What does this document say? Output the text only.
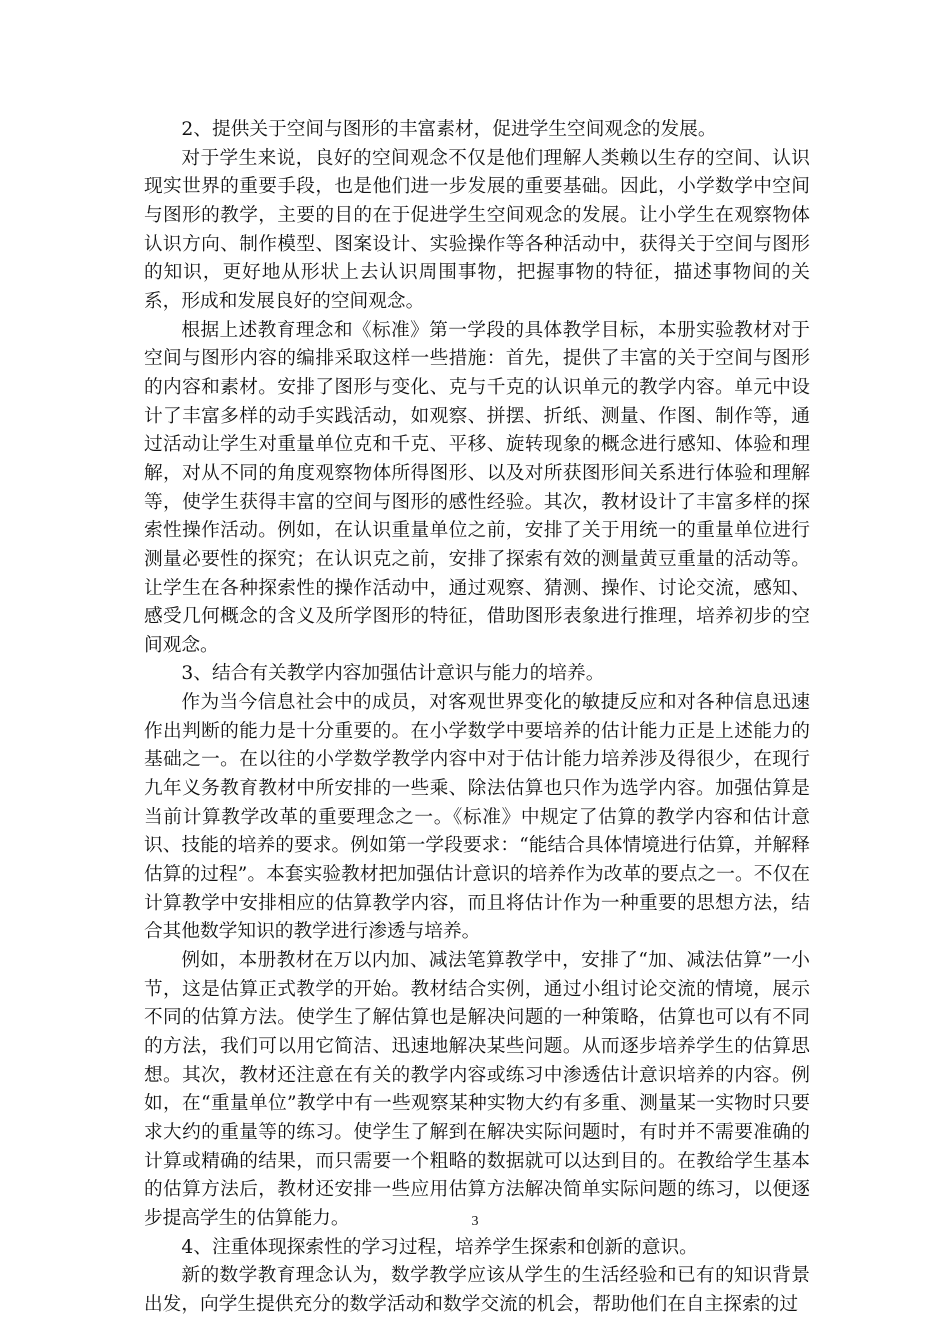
2、提供关于空间与图形的丰富素材，促进学生空间观念的发展。

对于学生来说，良好的空间观念不仅是他们理解人类赖以生存的空间、认识现实世界的重要手段，也是他们进一步发展的重要基础。因此，小学数学中空间与图形的教学，主要的目的在于促进学生空间观念的发展。让小学生在观察物体认识方向、制作模型、图案设计、实验操作等各种活动中，获得关于空间与图形的知识，更好地从形状上去认识周围事物，把握事物的特征，描述事物间的关系，形成和发展良好的空间观念。

根据上述教育理念和《标准》第一学段的具体教学目标，本册实验教材对于空间与图形内容的编排采取这样一些措施：首先，提供了丰富的关于空间与图形的内容和素材。安排了图形与变化、克与千克的认识单元的教学内容。单元中设计了丰富多样的动手实践活动，如观察、拼摆、折纸、测量、作图、制作等，通过活动让学生对重量单位克和千克、平移、旋转现象的概念进行感知、体验和理解，对从不同的角度观察物体所得图形、以及对所获图形间关系进行体验和理解等，使学生获得丰富的空间与图形的感性经验。其次，教材设计了丰富多样的探索性操作活动。例如，在认识重量单位之前，安排了关于用统一的重量单位进行测量必要性的探究；在认识克之前，安排了探索有效的测量黄豆重量的活动等。让学生在各种探索性的操作活动中，通过观察、猜测、操作、讨论交流，感知、感受几何概念的含义及所学图形的特征，借助图形表象进行推理，培养初步的空间观念。

3、结合有关教学内容加强估计意识与能力的培养。

作为当今信息社会中的成员，对客观世界变化的敏捷反应和对各种信息迅速作出判断的能力是十分重要的。在小学数学中要培养的估计能力正是上述能力的基础之一。在以往的小学数学教学内容中对于估计能力培养涉及得很少，在现行九年义务教育教材中所安排的一些乘、除法估算也只作为选学内容。加强估算是当前计算教学改革的重要理念之一。《标准》中规定了估算的教学内容和估计意识、技能的培养的要求。例如第一学段要求：“能结合具体情境进行估算，并解释估算的过程”。本套实验教材把加强估计意识的培养作为改革的要点之一。不仅在计算教学中安排相应的估算教学内容，而且将估计作为一种重要的思想方法，结合其他数学知识的教学进行渗透与培养。

例如，本册教材在万以内加、减法笔算教学中，安排了“加、减法估算”一小节，这是估算正式教学的开始。教材结合实例，通过小组讨论交流的情境，展示不同的估算方法。使学生了解估算也是解决问题的一种策略，估算也可以有不同的方法，我们可以用它简洁、迅速地解决某些问题。从而逐步培养学生的估算思想。其次，教材还注意在有关的教学内容或练习中渗透估计意识培养的内容。例如，在“重量单位”教学中有一些观察某种实物大约有多重、测量某一实物时只要求大约的重量等的练习。使学生了解到在解决实际问题时，有时并不需要准确的计算或精确的结果，而只需要一个粗略的数据就可以达到目的。在教给学生基本的估算方法后，教材还安排一些应用估算方法解决简单实际问题的练习，以便逐步提高学生的估算能力。

4、注重体现探索性的学习过程，培养学生探索和创新的意识。

新的数学教育理念认为，数学教学应该从学生的生活经验和已有的知识背景出发，向学生提供充分的数学活动和数学交流的机会，帮助他们在自主探索的过

3
